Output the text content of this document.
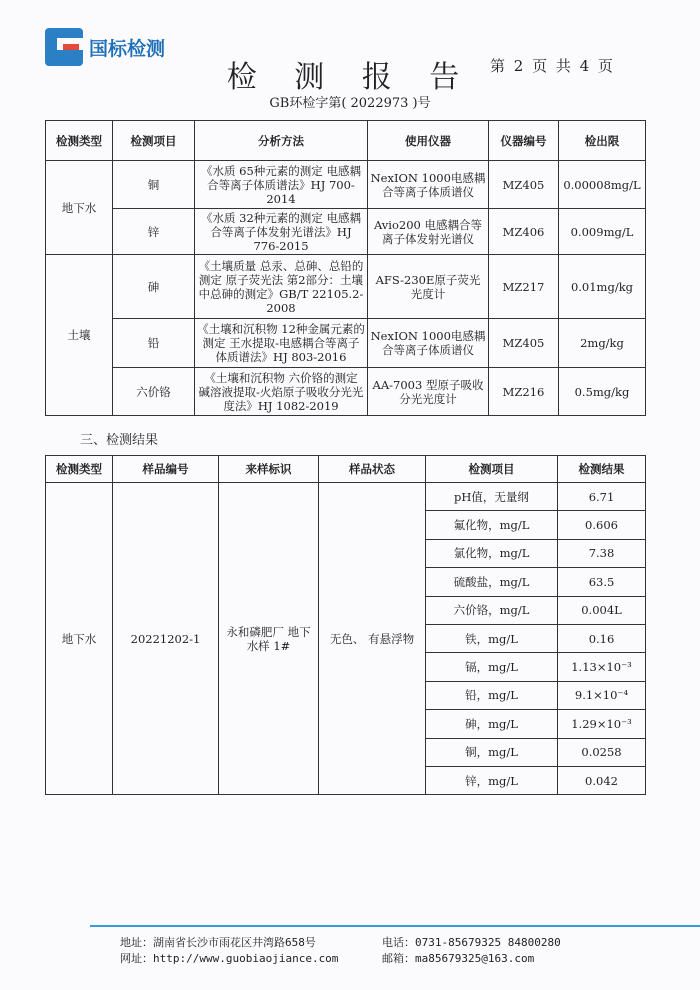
国标检测
检 测 报 告	第 2 页 共 4 页
GB环检字第( 2022973 )号
检测类型	检测项目	分析方法	使用仪器	仪器编号	检出限
地下水	铜	《水质 65种元素的测定 电感耦合等离子体质谱法》HJ 700- 2014	NexION 1000电感耦合等离子体质谱仪	MZ405	0.00008mg/L
	锌	《水质 32种元素的测定 电感耦合等离子体发射光谱法》HJ 776-2015	Avio200 电感耦合等离子体发射光谱仪	MZ406	0.009mg/L
土壤	砷	《土壤质量 总汞、总砷、总铅的测定 原子荧光法 第2部分：土壤中总砷的测定》GB/T 22105.2-2008	AFS-230E原子荧光光度计	MZ217	0.01mg/kg
	铅	《土壤和沉积物 12种金属元素的测定 王水提取-电感耦合等离子体质谱法》HJ 803-2016	NexION 1000电感耦合等离子体质谱仪	MZ405	2mg/kg
	六价铬	《土壤和沉积物 六价铬的测定 碱溶液提取-火焰原子吸收分光光度法》HJ 1082-2019	AA-7003 型原子吸收分光光度计	MZ216	0.5mg/kg
三、检测结果
检测类型	样品编号	来样标识	样品状态	检测项目	检测结果
地下水	20221202-1	永和磷肥厂 地下水样 1#	无色、 有悬浮物	pH值，无量纲	6.71
				氟化物，mg/L	0.606
				氯化物，mg/L	7.38
				硫酸盐，mg/L	63.5
				六价铬，mg/L	0.004L
				铁，mg/L	0.16
				镉，mg/L	1.13×10⁻³
				铅，mg/L	9.1×10⁻⁴
				砷，mg/L	1.29×10⁻³
				铜，mg/L	0.0258
				锌，mg/L	0.042
地址：湖南省长沙市雨花区井湾路658号
网址：http://www.guobiaojiance.com
电话：0731-85679325 84800280
邮箱：ma85679325@163.com
